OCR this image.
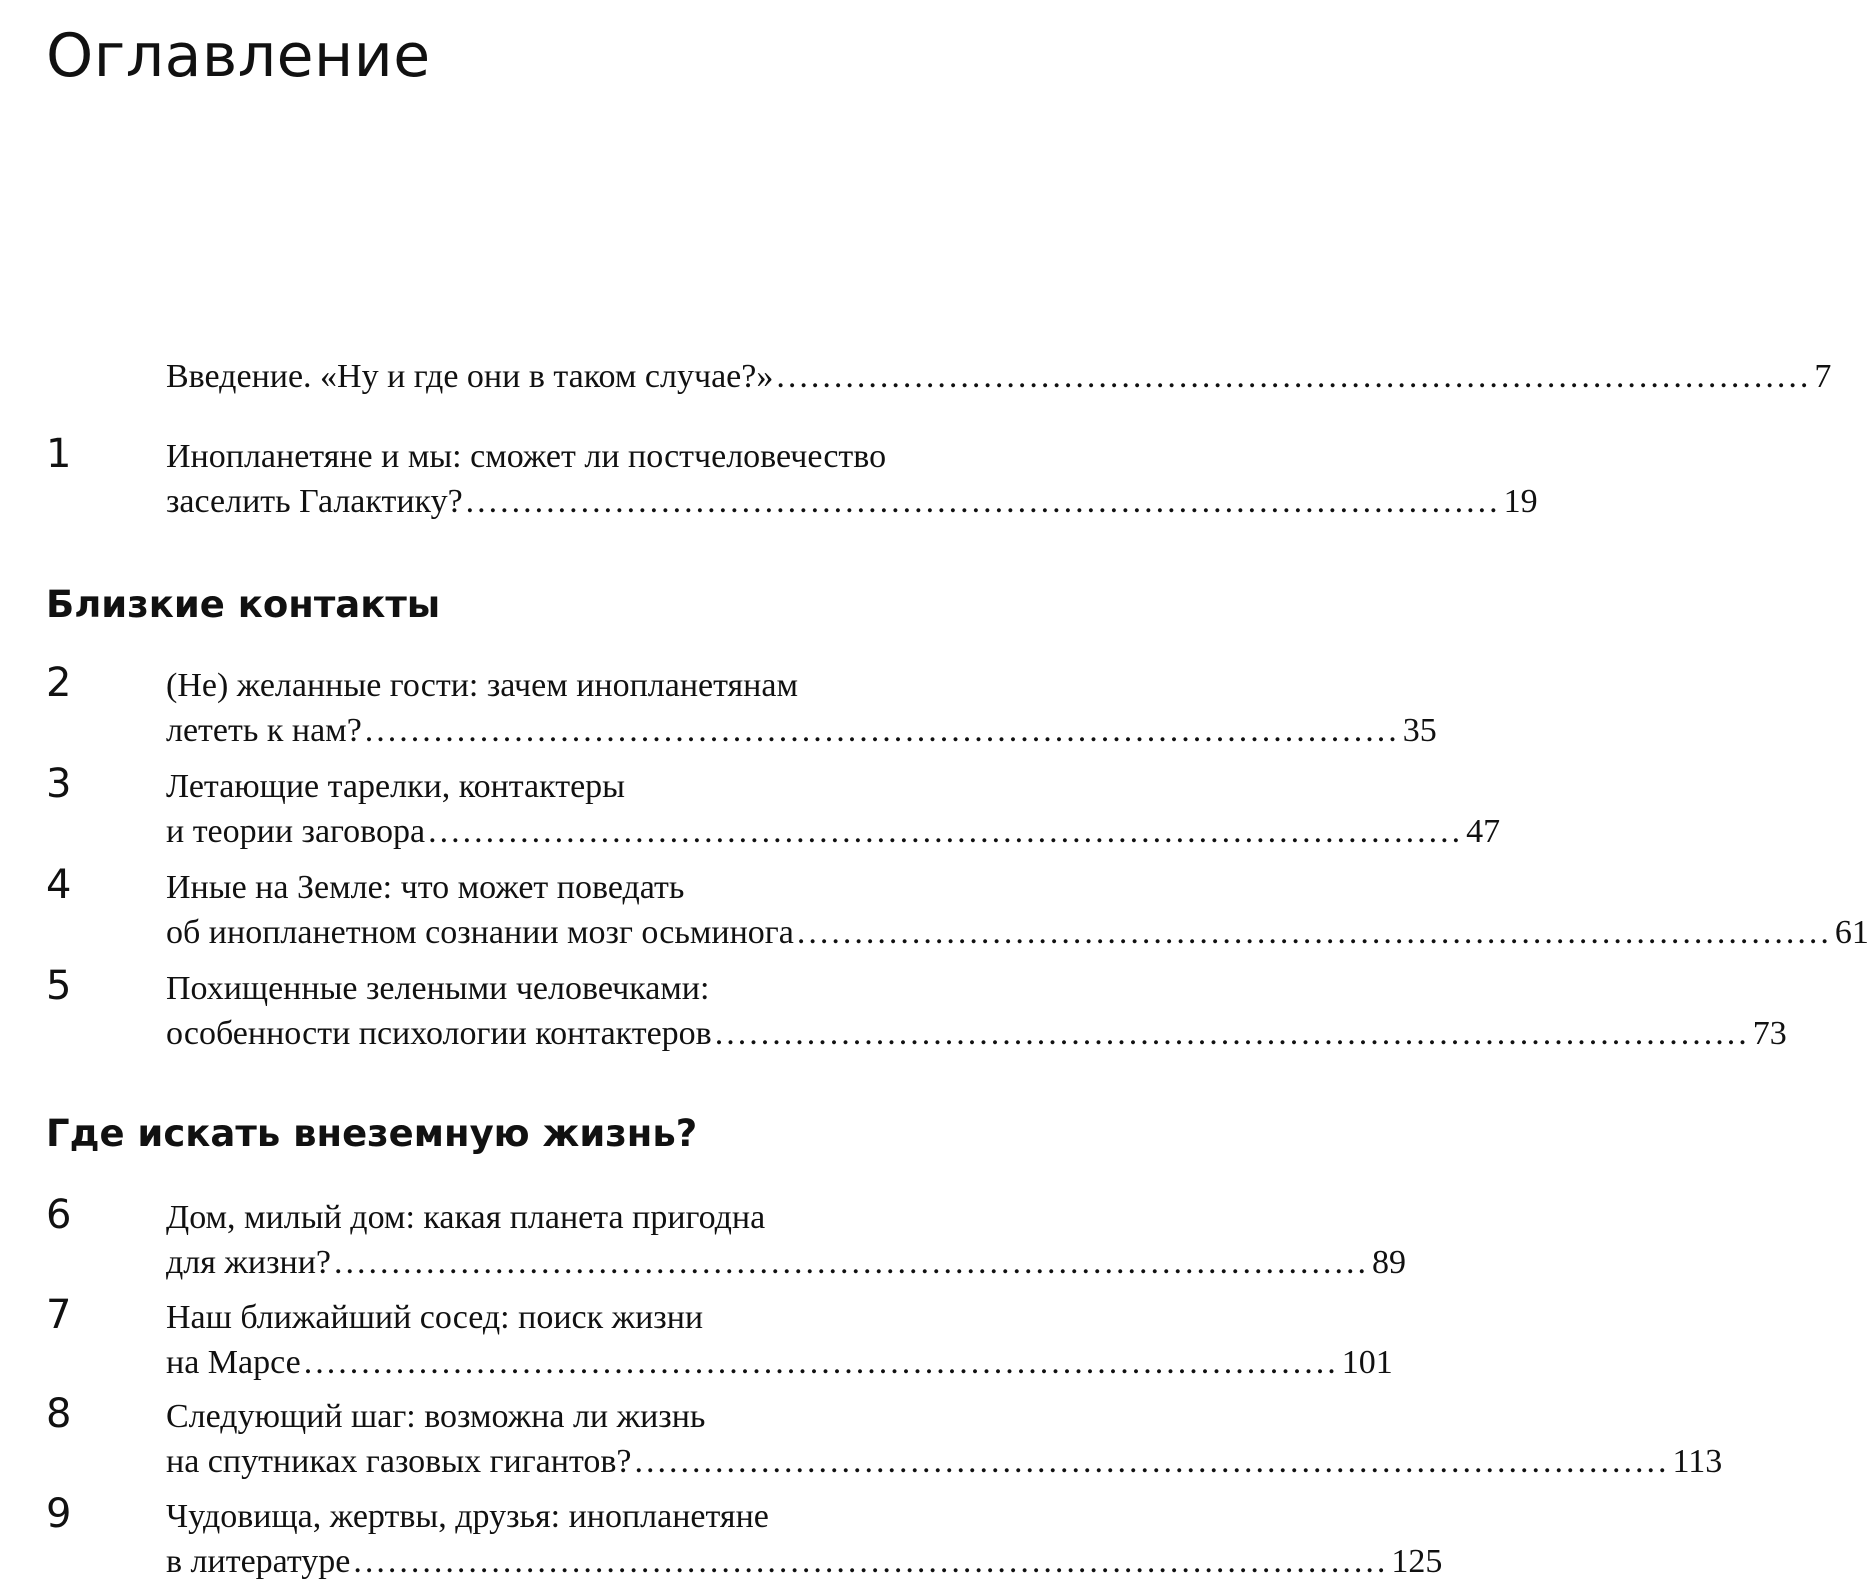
Оглавление
Введение. «Ну и где они в таком случае?» .......................................................................................... 7
1	Инопланетяне и мы: сможет ли постчеловечество
заселить Галактику? .......................................................................................... 19
Близкие контакты
2	(Не) желанные гости: зачем инопланетянам
лететь к нам? .......................................................................................... 35
3	Летающие тарелки, контактеры
и теории заговора .......................................................................................... 47
4	Иные на Земле: что может поведать
об инопланетном сознании мозг осьминога .......................................................................................... 61
5	Похищенные зелеными человечками:
особенности психологии контактеров .......................................................................................... 73
Где искать внеземную жизнь?
6	Дом, милый дом: какая планета пригодна
для жизни? .......................................................................................... 89
7	Наш ближайший сосед: поиск жизни
на Марсе .......................................................................................... 101
8	Следующий шаг: возможна ли жизнь
на спутниках газовых гигантов? .......................................................................................... 113
9	Чудовища, жертвы, друзья: инопланетяне
в литературе .......................................................................................... 125
